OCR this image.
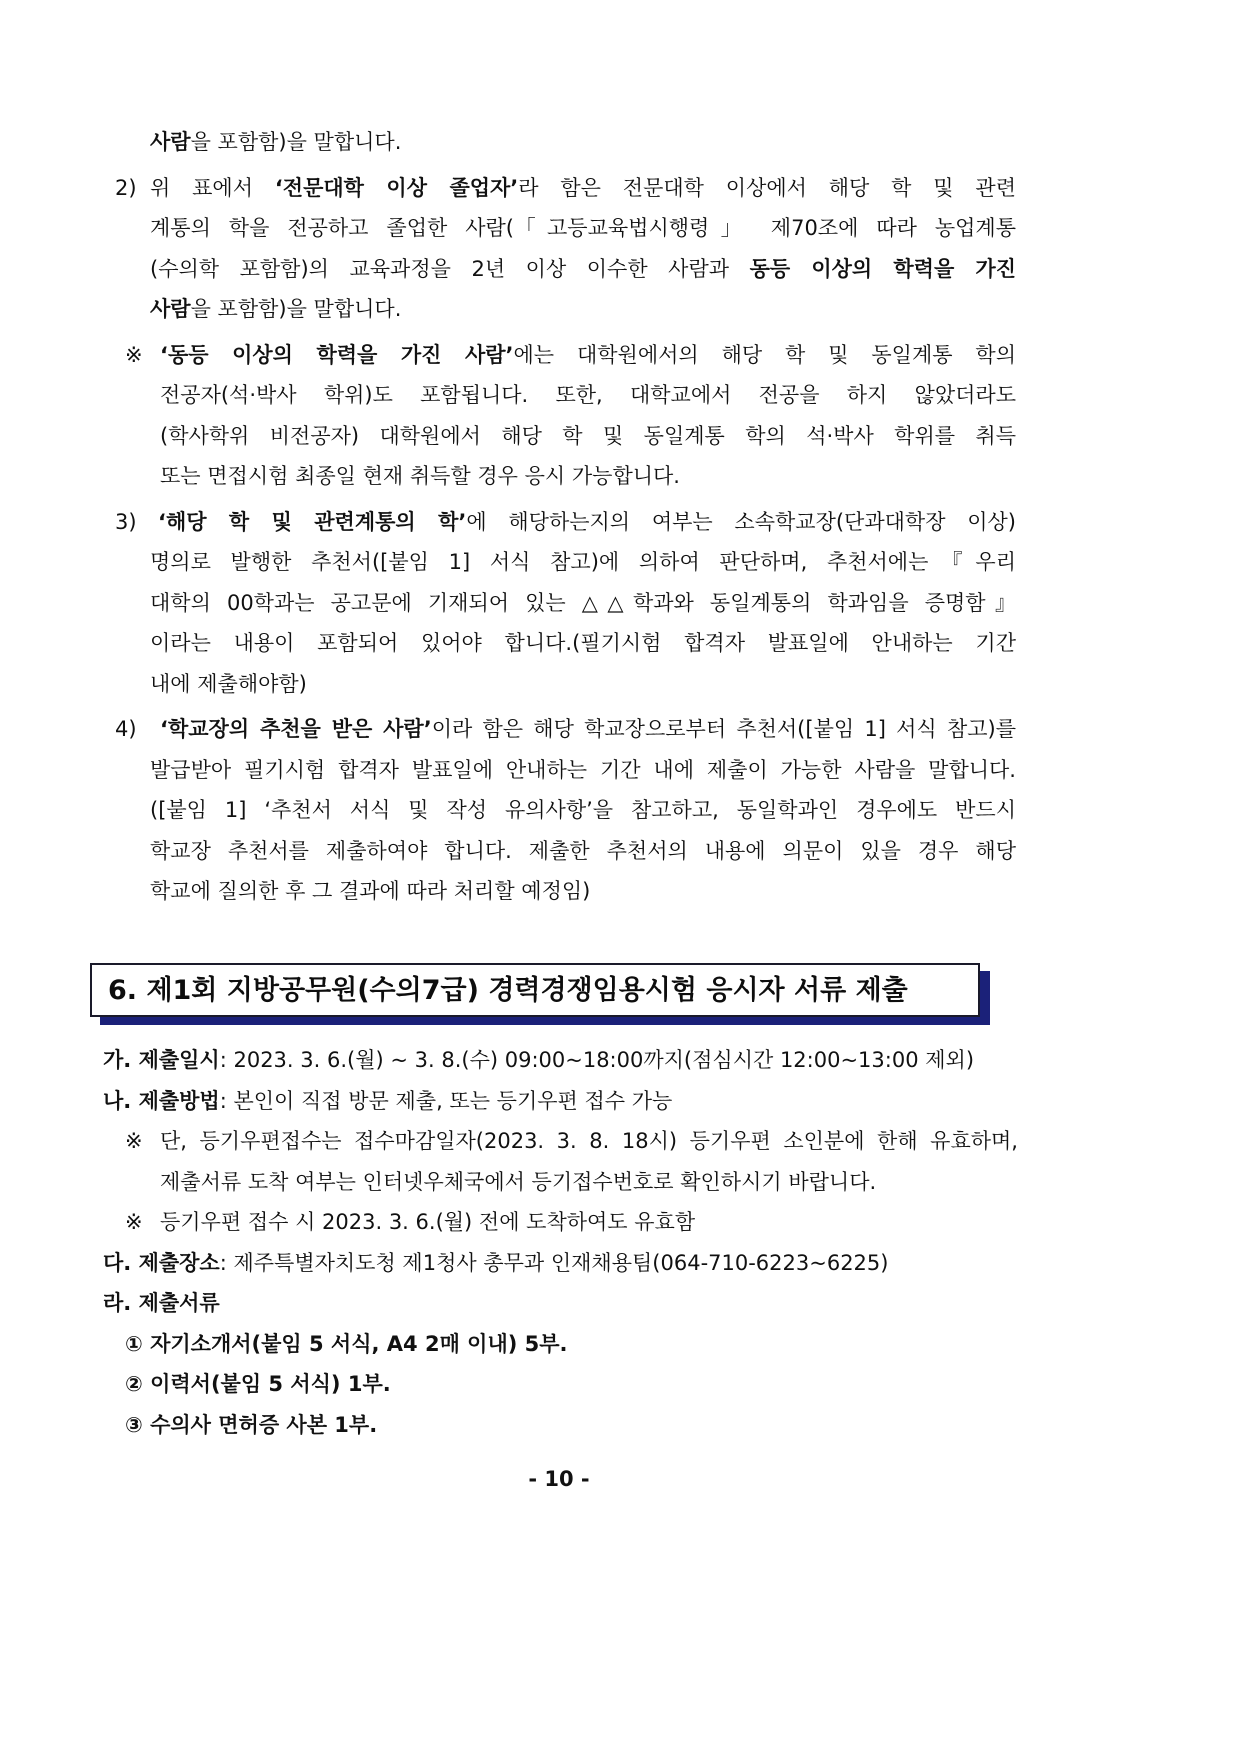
사람을 포함함)을 말합니다.
2) 위 표에서 ‘전문대학 이상 졸업자’라 함은 전문대학 이상에서 해당 학 및 관련
계통의 학을 전공하고 졸업한 사람(「고등교육법시행령」 제70조에 따라 농업계통
(수의학 포함함)의 교육과정을 2년 이상 이수한 사람과 동등 이상의 학력을 가진
사람을 포함함)을 말합니다.
※ ‘동등 이상의 학력을 가진 사람’에는 대학원에서의 해당 학 및 동일계통 학의
전공자(석·박사 학위)도 포함됩니다. 또한, 대학교에서 전공을 하지 않았더라도
(학사학위 비전공자) 대학원에서 해당 학 및 동일계통 학의 석·박사 학위를 취득
또는 면접시험 최종일 현재 취득할 경우 응시 가능합니다.
3)	‘해당 학 및 관련계통의 학’에 해당하는지의 여부는 소속학교장(단과대학장 이상)
명의로 발행한 추천서([붙임 1] 서식 참고)에 의하여 판단하며, 추천서에는『우리
대학의 00학과는 공고문에 기재되어 있는 △△학과와 동일계통의 학과임을 증명함』
이라는 내용이 포함되어 있어야 합니다.(필기시험 합격자 발표일에 안내하는 기간
내에 제출해야함)
4)	‘학교장의 추천을 받은 사람’이라 함은 해당 학교장으로부터 추천서([붙임 1] 서식 참고)를
발급받아 필기시험 합격자 발표일에 안내하는 기간 내에 제출이 가능한 사람을 말합니다.
([붙임 1] ‘추천서 서식 및 작성 유의사항’을 참고하고, 동일학과인 경우에도 반드시
학교장 추천서를 제출하여야 합니다. 제출한 추천서의 내용에 의문이 있을 경우 해당
학교에 질의한 후 그 결과에 따라 처리할 예정임)
6. 제1회 지방공무원(수의7급) 경력경쟁임용시험 응시자 서류 제출
가. 제출일시: 2023. 3. 6.(월) ~ 3. 8.(수) 09:00~18:00까지(점심시간 12:00~13:00 제외)
나. 제출방법: 본인이 직접 방문 제출, 또는 등기우편 접수 가능
※ 단, 등기우편접수는 접수마감일자(2023. 3. 8. 18시) 등기우편 소인분에 한해 유효하며,
제출서류 도착 여부는 인터넷우체국에서 등기접수번호로 확인하시기 바랍니다.
※ 등기우편 접수 시 2023. 3. 6.(월) 전에 도착하여도 유효함
다. 제출장소: 제주특별자치도청 제1청사 총무과 인재채용팀(064-710-6223~6225)
라. 제출서류
① 자기소개서(붙임 5 서식, A4 2매 이내) 5부.
② 이력서(붙임 5 서식) 1부.
③ 수의사 면허증 사본 1부.
- 10 -
